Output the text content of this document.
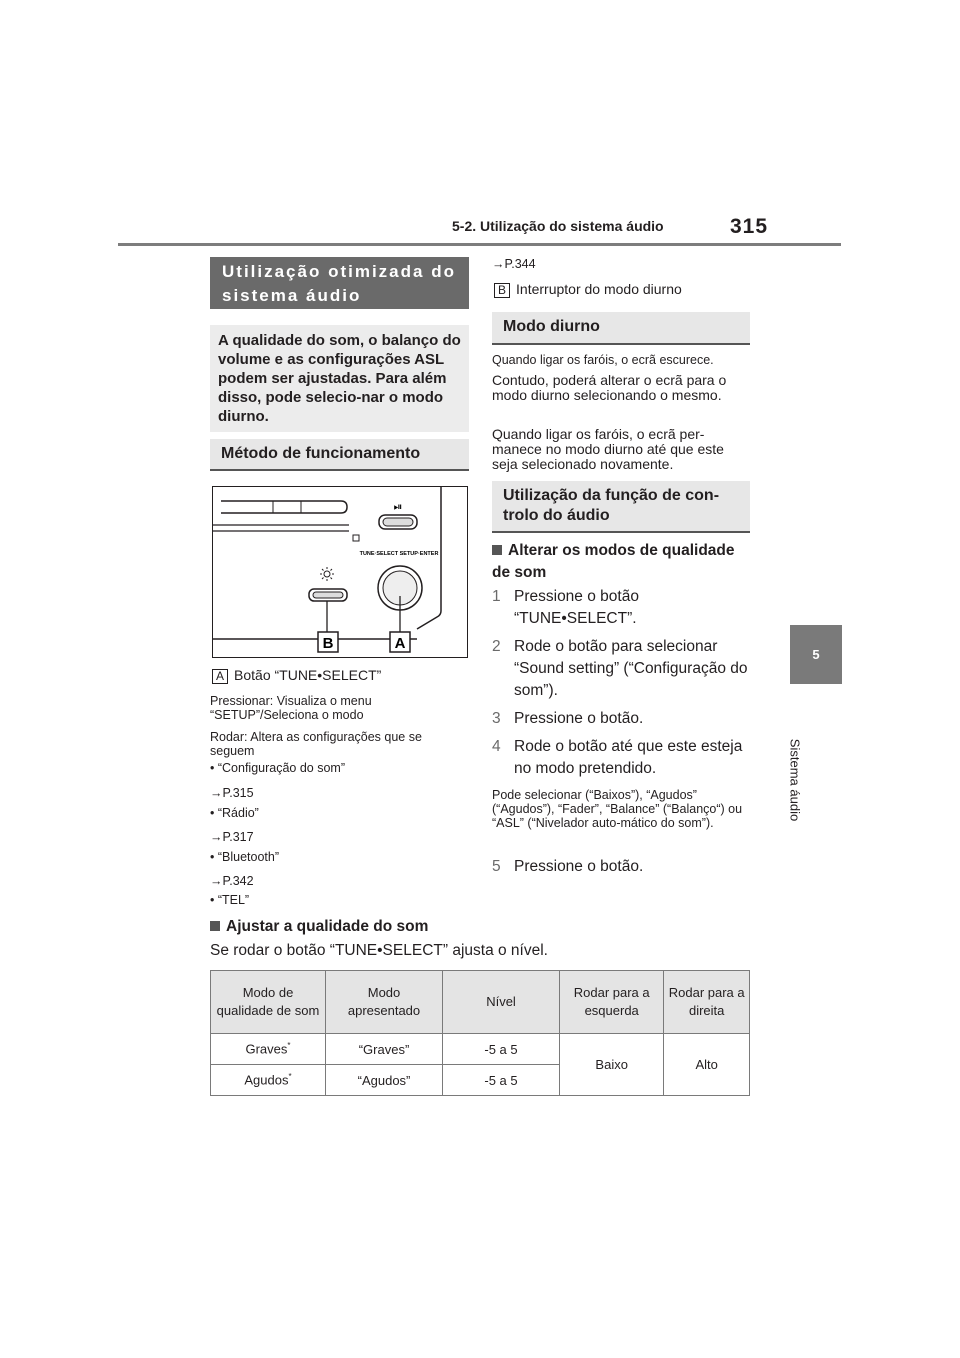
5-2. Utilização do sistema áudio	315
5
Sistema áudio
Utilização otimizada do sistema áudio
A qualidade do som, o balanço do volume e as configurações ASL podem ser ajustadas. Para além disso, pode selecio-nar o modo diurno.
Método de funcionamento
⏯
TUNE·SELECT SETUP·ENTER
B	A
A Botão “TUNE•SELECT”
Pressionar: Visualiza o menu “SETUP”/Seleciona o modo
Rodar: Altera as configurações que se seguem
• “Configuração do som”
→P.315
• “Rádio”
→P.317
• “Bluetooth”
→P.342
• “TEL”
→P.344
B Interruptor do modo diurno
Modo diurno
Quando ligar os faróis, o ecrã escurece.
Contudo, poderá alterar o ecrã para o modo diurno selecionando o mesmo.
Quando ligar os faróis, o ecrã per-manece no modo diurno até que este seja selecionado novamente.
Utilização da função de con-trolo do áudio
Alterar os modos de qualidade de som
1 Pressione o botão “TUNE•SELECT”.
2 Rode o botão para selecionar “Sound setting” (“Configuração do som”).
3 Pressione o botão.
4 Rode o botão até que este esteja no modo pretendido.
Pode selecionar (“Baixos”), “Agudos” (“Agudos”), “Fader”, “Balance” (“Balanço“) ou “ASL” (“Nivelador auto-mático do som”).
5 Pressione o botão.
Ajustar a qualidade do som
Se rodar o botão “TUNE•SELECT” ajusta o nível.
Modo de qualidade de som	Modo apresentado	Nível	Rodar para a esquerda	Rodar para a direita
Graves*	“Graves”	-5 a 5	Baixo	Alto
Agudos*	“Agudos”	-5 a 5		
